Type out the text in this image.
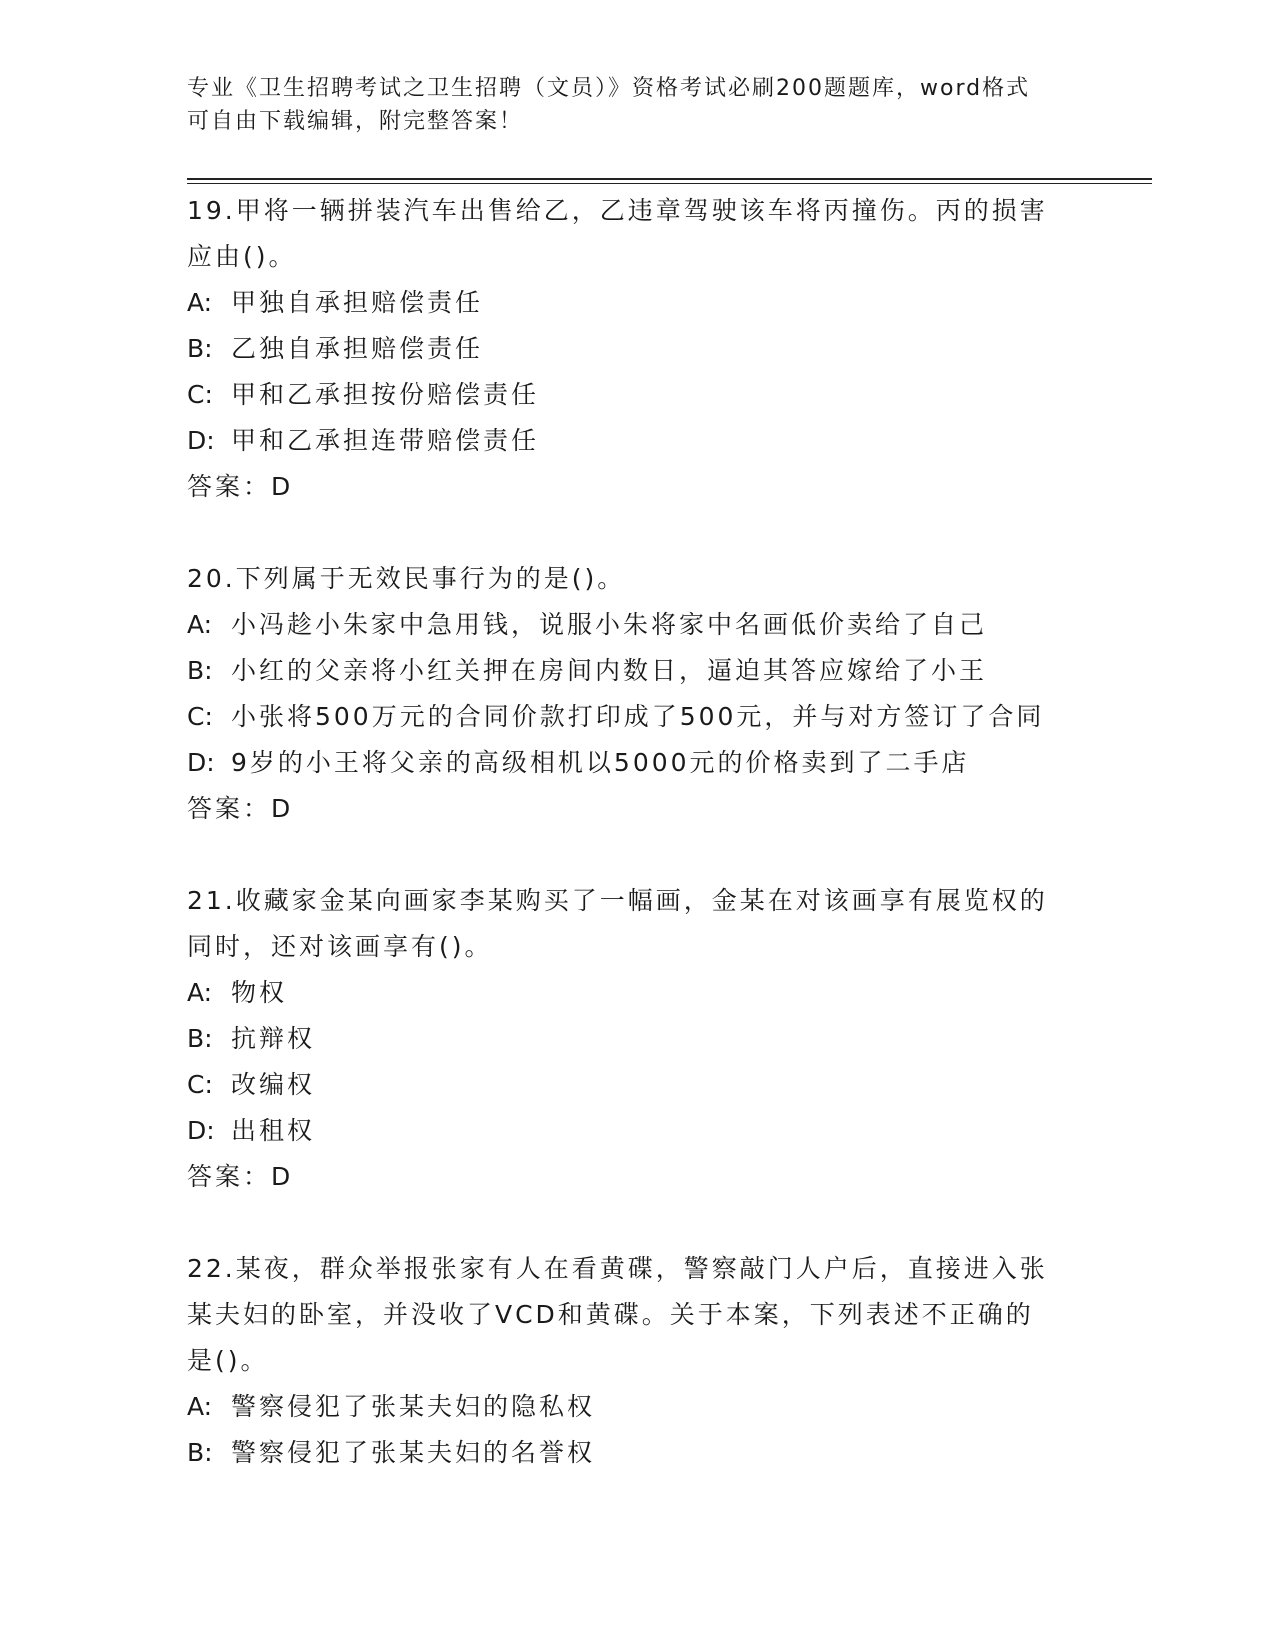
专业《卫生招聘考试之卫生招聘（文员）》资格考试必刷200题题库，word格式
可自由下载编辑，附完整答案！
19.甲将一辆拼装汽车出售给乙，乙违章驾驶该车将丙撞伤。丙的损害
应由()。
A: 甲独自承担赔偿责任
B: 乙独自承担赔偿责任
C: 甲和乙承担按份赔偿责任
D: 甲和乙承担连带赔偿责任
答案：D
20.下列属于无效民事行为的是()。
A: 小冯趁小朱家中急用钱，说服小朱将家中名画低价卖给了自己
B: 小红的父亲将小红关押在房间内数日，逼迫其答应嫁给了小王
C: 小张将500万元的合同价款打印成了500元，并与对方签订了合同
D: 9岁的小王将父亲的高级相机以5000元的价格卖到了二手店
答案：D
21.收藏家金某向画家李某购买了一幅画，金某在对该画享有展览权的
同时，还对该画享有()。
A: 物权
B: 抗辩权
C: 改编权
D: 出租权
答案：D
22.某夜，群众举报张家有人在看黄碟，警察敲门人户后，直接进入张
某夫妇的卧室，并没收了VCD和黄碟。关于本案，下列表述不正确的
是()。
A: 警察侵犯了张某夫妇的隐私权
B: 警察侵犯了张某夫妇的名誉权
